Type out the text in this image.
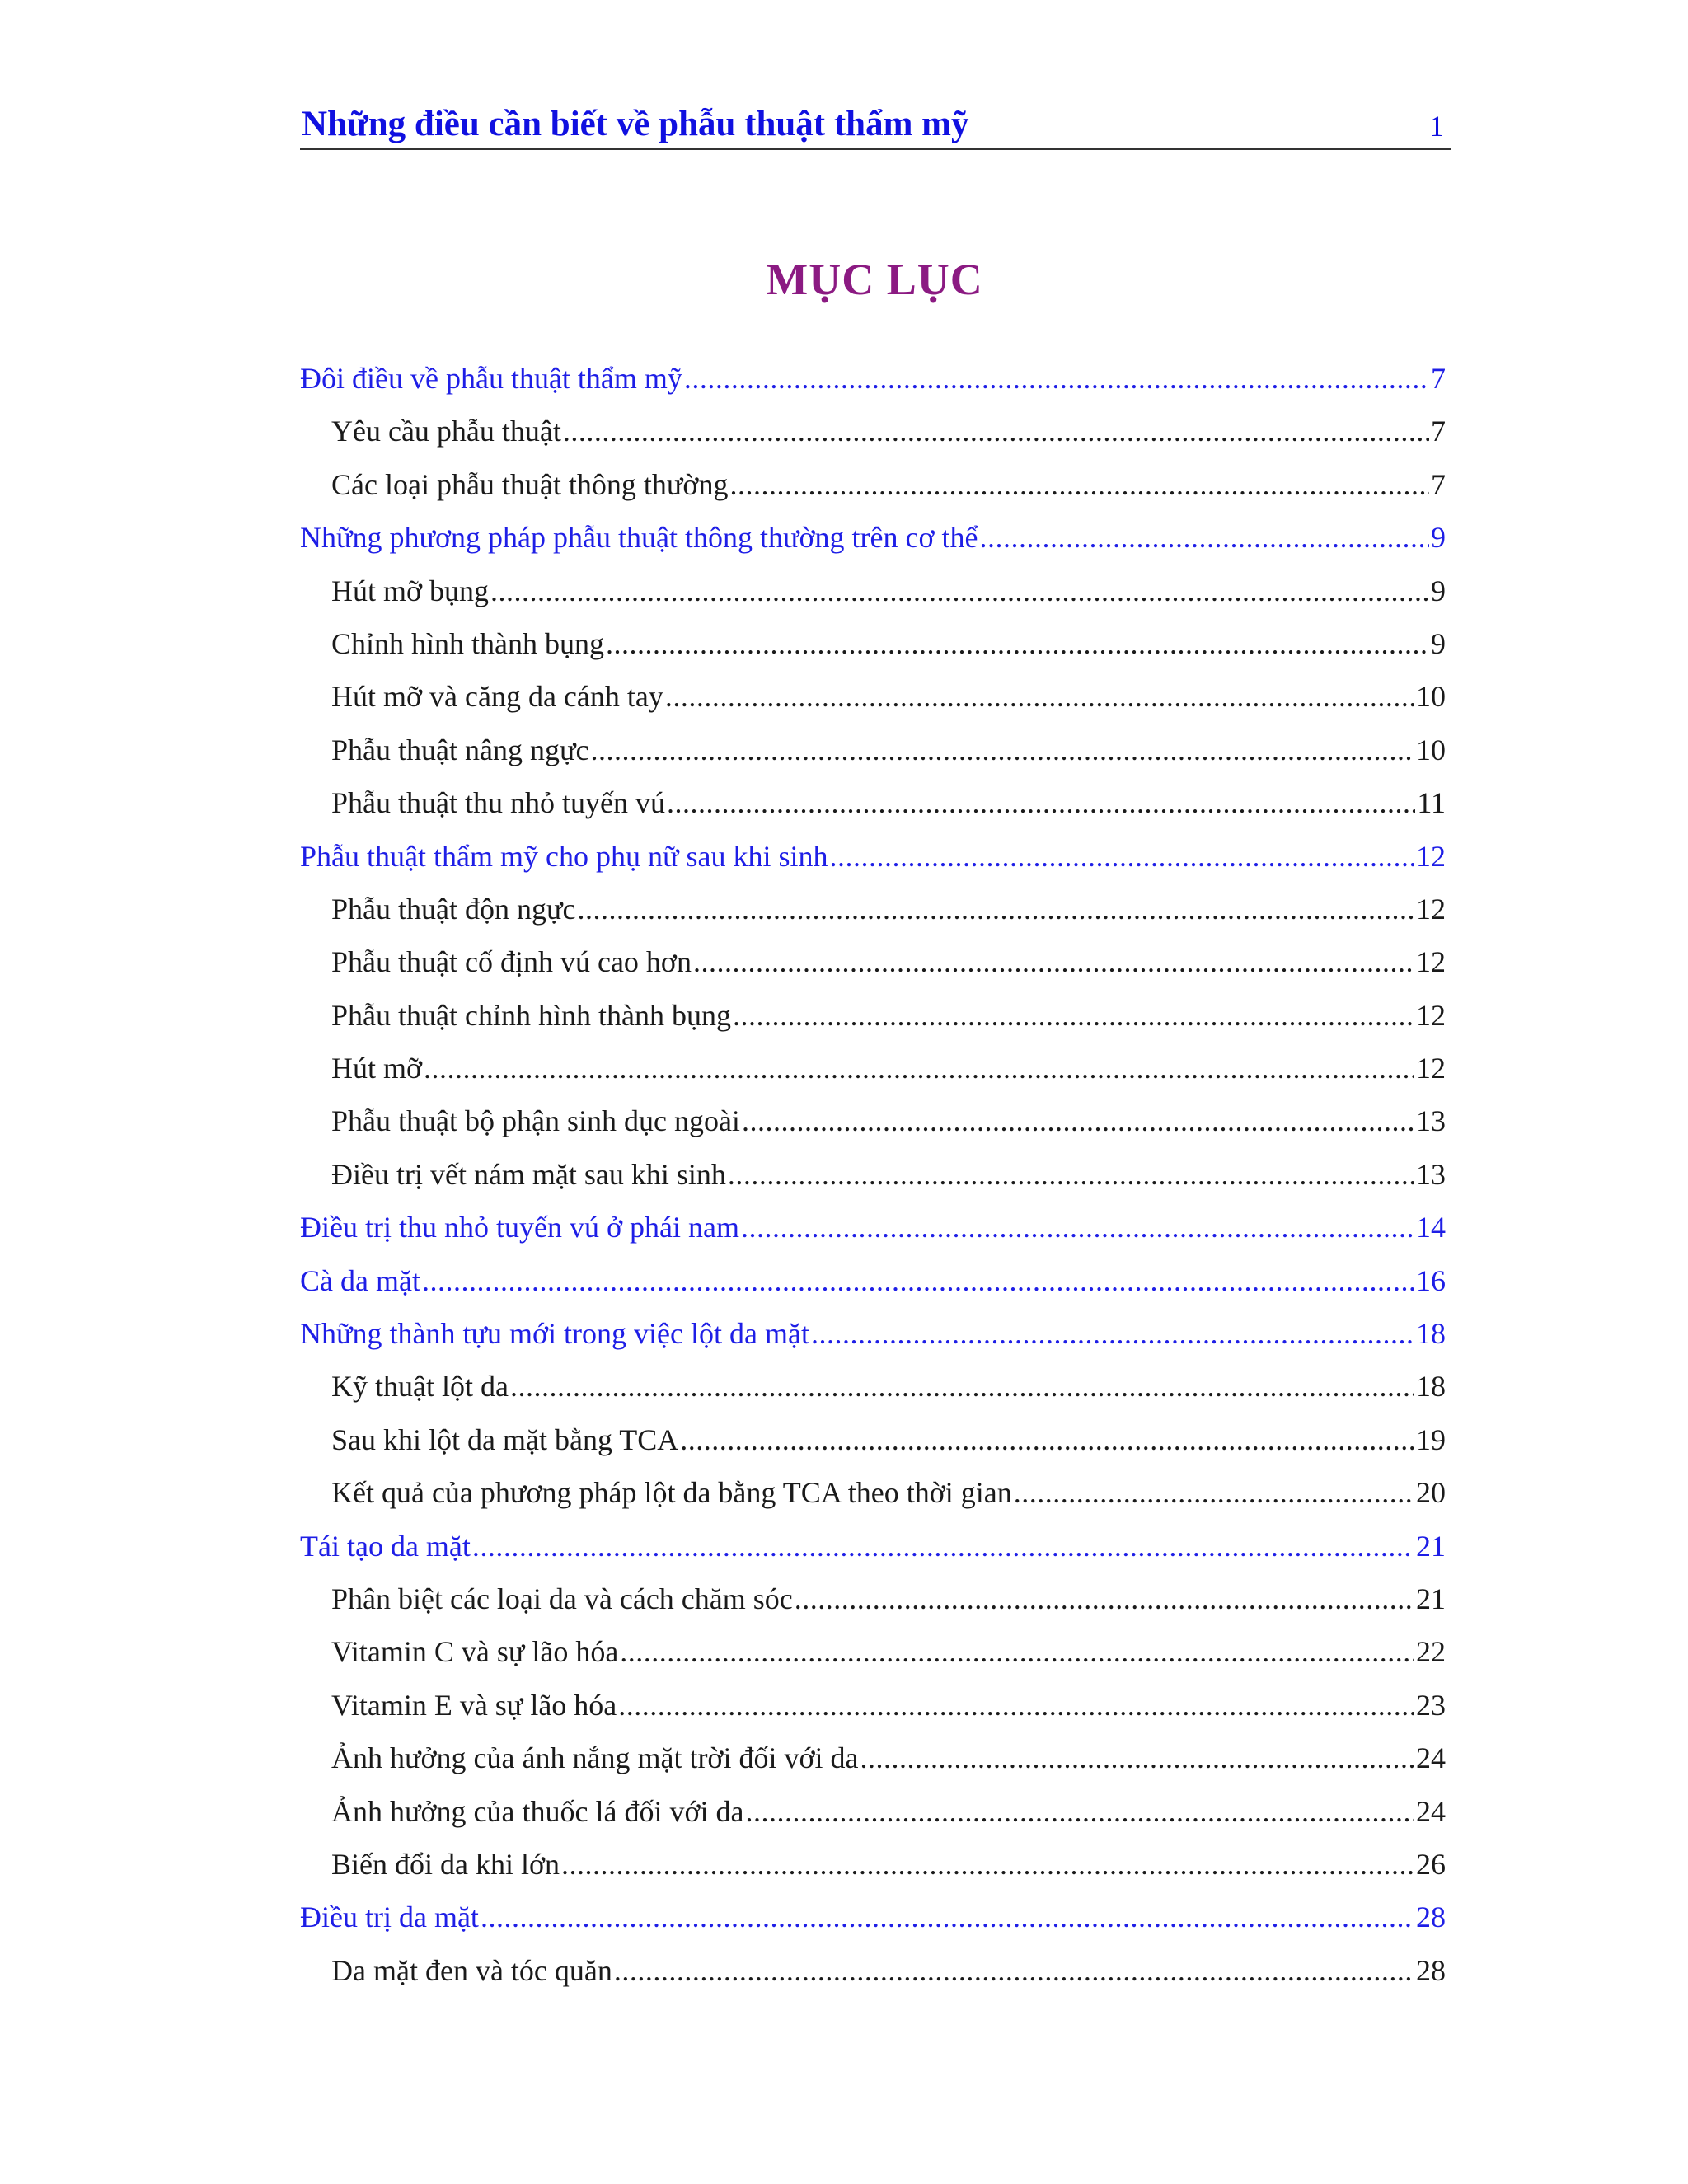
Những điều cần biết về phẫu thuật thẩm mỹ	1
MỤC LỤC
Đôi điều về phẫu thuật thẩm mỹ .....	7
Yêu cầu phẫu thuật .....	7
Các loại phẫu thuật thông thường .....	7
Những phương pháp phẫu thuật thông thường trên cơ thể .....	9
Hút mỡ bụng .....	9
Chỉnh hình thành bụng .....	9
Hút mỡ và căng da cánh tay .....	10
Phẫu thuật nâng ngực .....	10
Phẫu thuật thu nhỏ tuyến vú .....	11
Phẫu thuật thẩm mỹ cho phụ nữ sau khi sinh .....	12
Phẫu thuật độn ngực .....	12
Phẫu thuật cố định vú cao hơn .....	12
Phẫu thuật chỉnh hình thành bụng .....	12
Hút mỡ .....	12
Phẫu thuật bộ phận sinh dục ngoài .....	13
Điều trị vết nám mặt sau khi sinh .....	13
Điều trị thu nhỏ tuyến vú ở phái nam .....	14
Cà da mặt .....	16
Những thành tựu mới trong việc lột da mặt .....	18
Kỹ thuật lột da .....	18
Sau khi lột da mặt bằng TCA .....	19
Kết quả của phương pháp lột da bằng TCA theo thời gian .....	20
Tái tạo da mặt .....	21
Phân biệt các loại da và cách chăm sóc .....	21
Vitamin C và sự lão hóa .....	22
Vitamin E và sự lão hóa .....	23
Ảnh hưởng của ánh nắng mặt trời đối với da .....	24
Ảnh hưởng của thuốc lá đối với da .....	24
Biến đổi da khi lớn .....	26
Điều trị da mặt .....	28
Da mặt đen và tóc quăn .....	28
